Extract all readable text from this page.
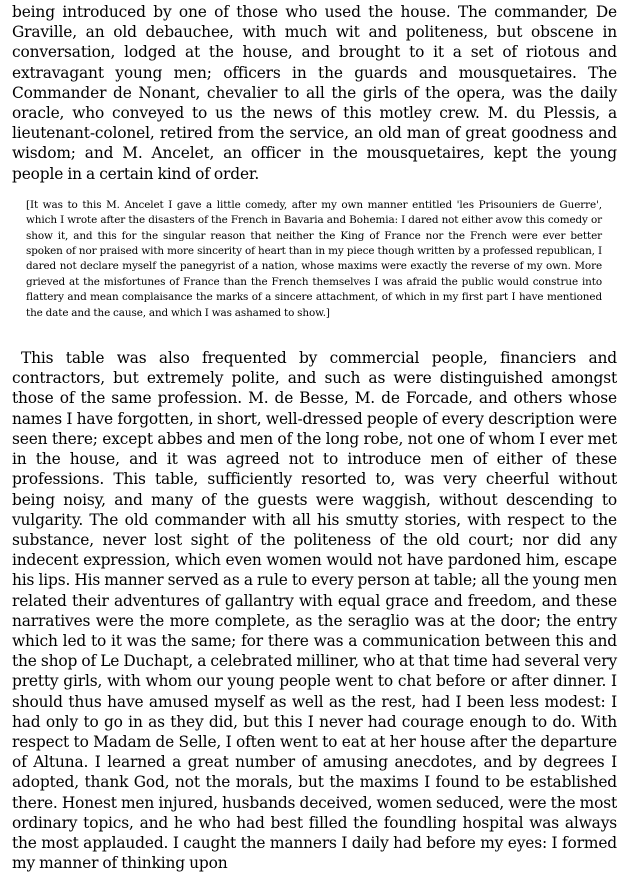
being introduced by one of those who used the house. The commander, De Graville, an old debauchee, with much wit and politeness, but obscene in conversation, lodged at the house, and brought to it a set of riotous and extravagant young men; officers in the guards and mousquetaires. The Commander de Nonant, chevalier to all the girls of the opera, was the daily oracle, who conveyed to us the news of this motley crew. M. du Plessis, a lieutenant-colonel, retired from the service, an old man of great goodness and wisdom; and M. Ancelet, an officer in the mousquetaires, kept the young people in a certain kind of order.

[It was to this M. Ancelet I gave a little comedy, after my own manner entitled 'les Prisouniers de Guerre', which I wrote after the disasters of the French in Bavaria and Bohemia: I dared not either avow this comedy or show it, and this for the singular reason that neither the King of France nor the French were ever better spoken of nor praised with more sincerity of heart than in my piece though written by a professed republican, I dared not declare myself the panegyrist of a nation, whose maxims were exactly the reverse of my own. More grieved at the misfortunes of France than the French themselves I was afraid the public would construe into flattery and mean complaisance the marks of a sincere attachment, of which in my first part I have mentioned the date and the cause, and which I was ashamed to show.]

This table was also frequented by commercial people, financiers and contractors, but extremely polite, and such as were distinguished amongst those of the same profession. M. de Besse, M. de Forcade, and others whose names I have forgotten, in short, well-dressed people of every description were seen there; except abbes and men of the long robe, not one of whom I ever met in the house, and it was agreed not to introduce men of either of these professions. This table, sufficiently resorted to, was very cheerful without being noisy, and many of the guests were waggish, without descending to vulgarity. The old commander with all his smutty stories, with respect to the substance, never lost sight of the politeness of the old court; nor did any indecent expression, which even women would not have pardoned him, escape his lips. His manner served as a rule to every person at table; all the young men related their adventures of gallantry with equal grace and freedom, and these narratives were the more complete, as the seraglio was at the door; the entry which led to it was the same; for there was a communication between this and the shop of Le Duchapt, a celebrated milliner, who at that time had several very pretty girls, with whom our young people went to chat before or after dinner. I should thus have amused myself as well as the rest, had I been less modest: I had only to go in as they did, but this I never had courage enough to do. With respect to Madam de Selle, I often went to eat at her house after the departure of Altuna. I learned a great number of amusing anecdotes, and by degrees I adopted, thank God, not the morals, but the maxims I found to be established there. Honest men injured, husbands deceived, women seduced, were the most ordinary topics, and he who had best filled the foundling hospital was always the most applauded. I caught the manners I daily had before my eyes: I formed my manner of thinking upon
